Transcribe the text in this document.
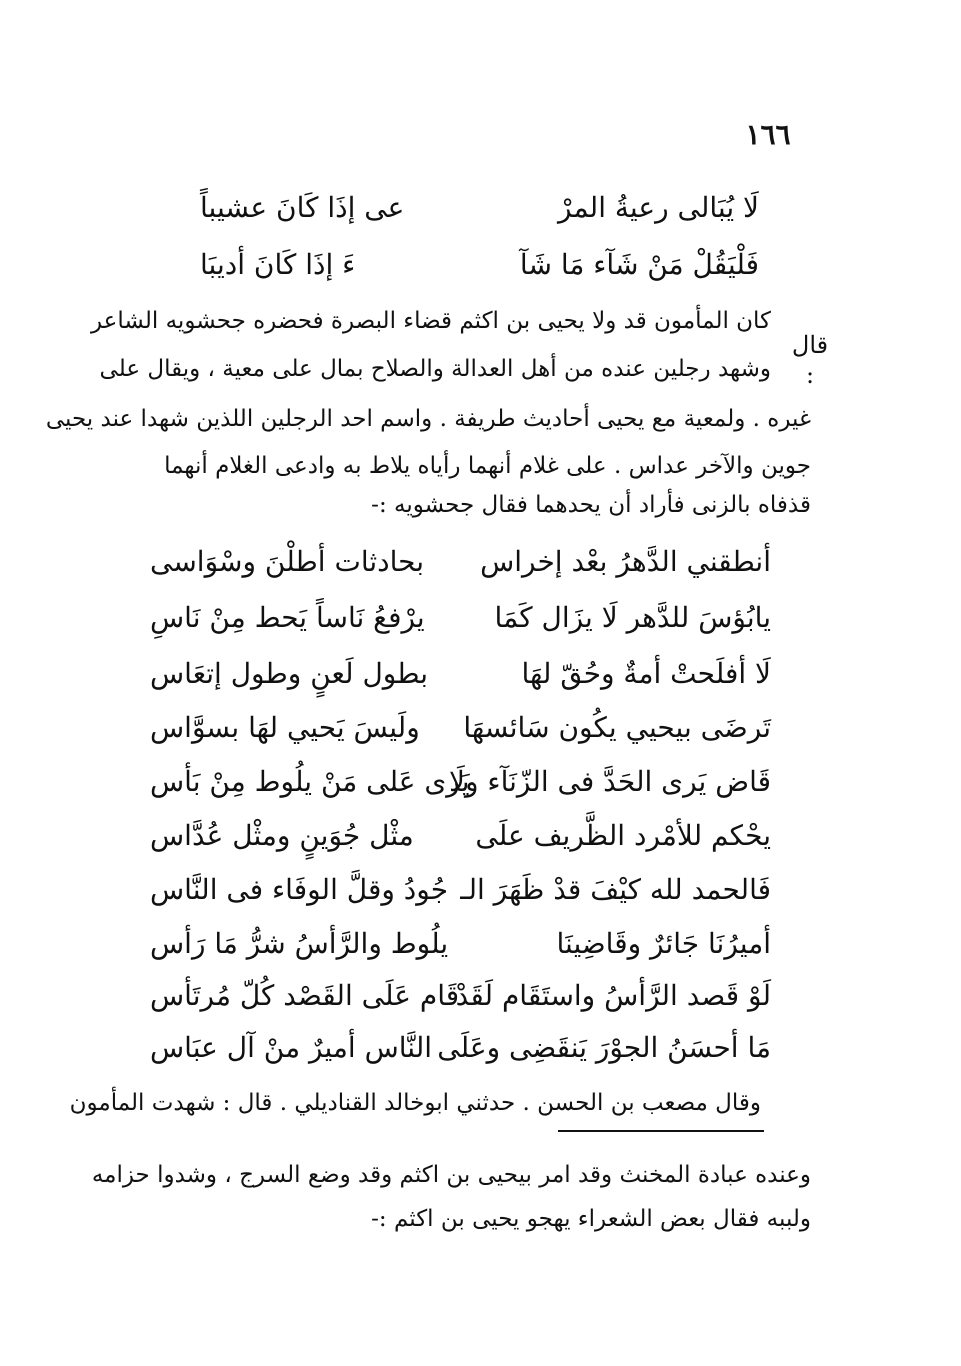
١٦٦
لَا يُبَالى رعيةُ المرْ
عى إذَا كَانَ عشيباً
فَلْيَقُلْ مَنْ شَآء مَا شَآ
ءَ إذَا كَانَ أديبَا
قال :
كان المأمون قد ولا يحيى بن اكثم قضاء البصرة فحضره جحشويه الشاعر
وشهد رجلين عنده من أهل العدالة والصلاح بمال على معية ، ويقال على
غيره . ولمعية مع يحيى أحاديث طريفة . واسم احد الرجلين اللذين شهدا عند يحيى
جوين والآخر عداس . على غلام أنهما رأياه يلاط به وادعى الغلام أنهما
قذفاه بالزنى فأراد أن يحدهما فقال جحشويه :-
أنطقني الدَّهرُ بعْد إخراس
بحادثات أطلْنَ وسْوَاسى
يابُؤسَ للدَّهر لَا يزَال كَمَا
يرْفعُ نَاساً يَحط مِنْ نَاسِ
لَا أفلَحتْ أمةٌ وحُقّ لهَا
بطول لَعنٍ وطول إتعَاس
تَرضَى بيحيي يكُون سَائسهَا
ولَيسَ يَحيي لهَا بسوَّاس
قَاض يَرى الحَدَّ فى الزّنَآء ولَا
يَرى عَلى مَنْ يلُوط مِنْ بَأس
يحْكم للأمْرد الظَّريف علَى
مثْل جُوَينٍ ومثْل عُدَّاس
فَالحمد لله كيْفَ قدْ ظَهَرَ الـ
جُودُ وقلَّ الوفَاء فى النَّاس
أميرُنَا جَائرٌ وقَاضِينَا
يلُوط والرَّأسُ شرُّ مَا رَأس
لَوْ قَصد الرَّأسُ واستَقَام لَقَدْ
قَام عَلَى القَصْد كُلّ مُرتَأس
مَا أحسَنُ الجوْرَ يَنقَضِى وعَلَى
النَّاس أميرٌ منْ آل عبَاس
وقال مصعب بن الحسن . حدثني ابوخالد القناديلي . قال : شهدت المأمون
وعنده عبادة المخنث وقد امر بيحيى بن اكثم وقد وضع السرج ، وشدوا حزامه
ولببه فقال بعض الشعراء يهجو يحيى بن اكثم :-
